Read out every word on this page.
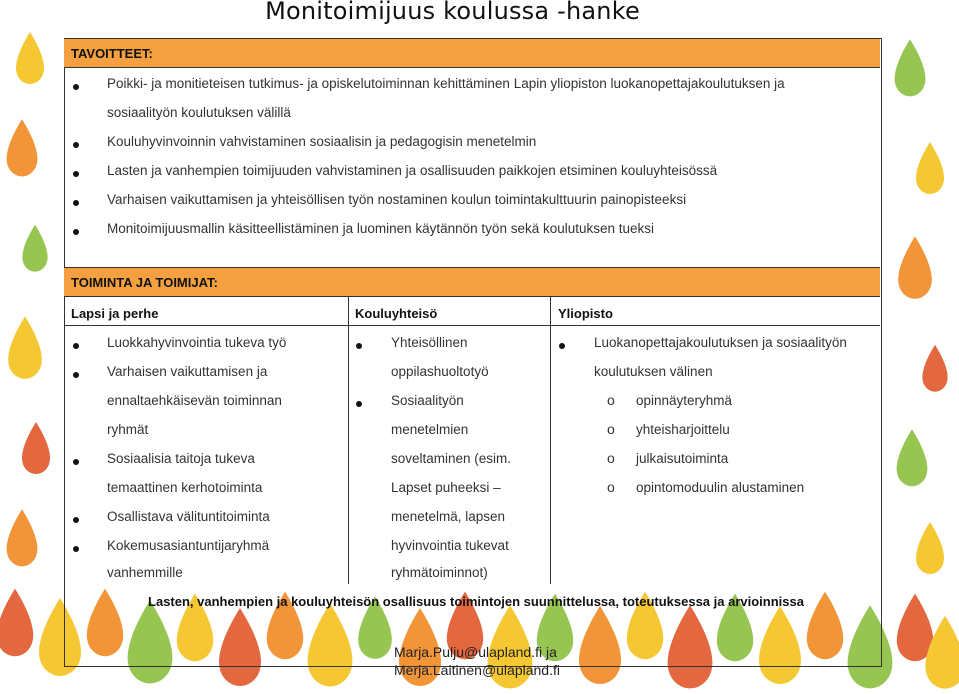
Monitoimijuus koulussa -hanke
TAVOITTEET:
Poikki- ja monitieteisen tutkimus- ja opiskelutoiminnan kehittäminen Lapin yliopiston luokanopettajakoulutuksen ja
sosiaalityön koulutuksen välillä
Kouluhyvinvoinnin vahvistaminen sosiaalisin ja pedagogisin menetelmin
Lasten ja vanhempien toimijuuden vahvistaminen ja osallisuuden paikkojen etsiminen kouluyhteisössä
Varhaisen vaikuttamisen ja yhteisöllisen työn nostaminen koulun toimintakulttuurin painopisteeksi
Monitoimijuusmallin käsitteellistäminen ja luominen käytännön työn sekä koulutuksen tueksi
TOIMINTA JA TOIMIJAT:
Lapsi ja perhe	Kouluyhteisö	Yliopisto
Luokkahyvinvointia tukeva työ
Varhaisen vaikuttamisen ja
ennaltaehkäisevän toiminnan
ryhmät
Sosiaalisia taitoja tukeva
temaattinen kerhotoiminta
Osallistava välituntitoiminta
Kokemusasiantuntijaryhmä
vanhemmille
Yhteisöllinen
oppilashuoltotyö
Sosiaalityön
menetelmien
soveltaminen (esim.
Lapset puheeksi –
menetelmä, lapsen
hyvinvointia tukevat
ryhmätoiminnot)
Luokanopettajakoulutuksen ja sosiaalityön
koulutuksen välinen
o opinnäyteryhmä
o yhteisharjoittelu
o julkaisutoiminta
o opintomoduulin alustaminen
Lasten, vanhempien ja kouluyhteisön osallisuus toimintojen suunnittelussa, toteutuksessa ja arvioinnissa
Marja.Pulju@ulapland.fi ja
Merja.Laitinen@ulapland.fi
